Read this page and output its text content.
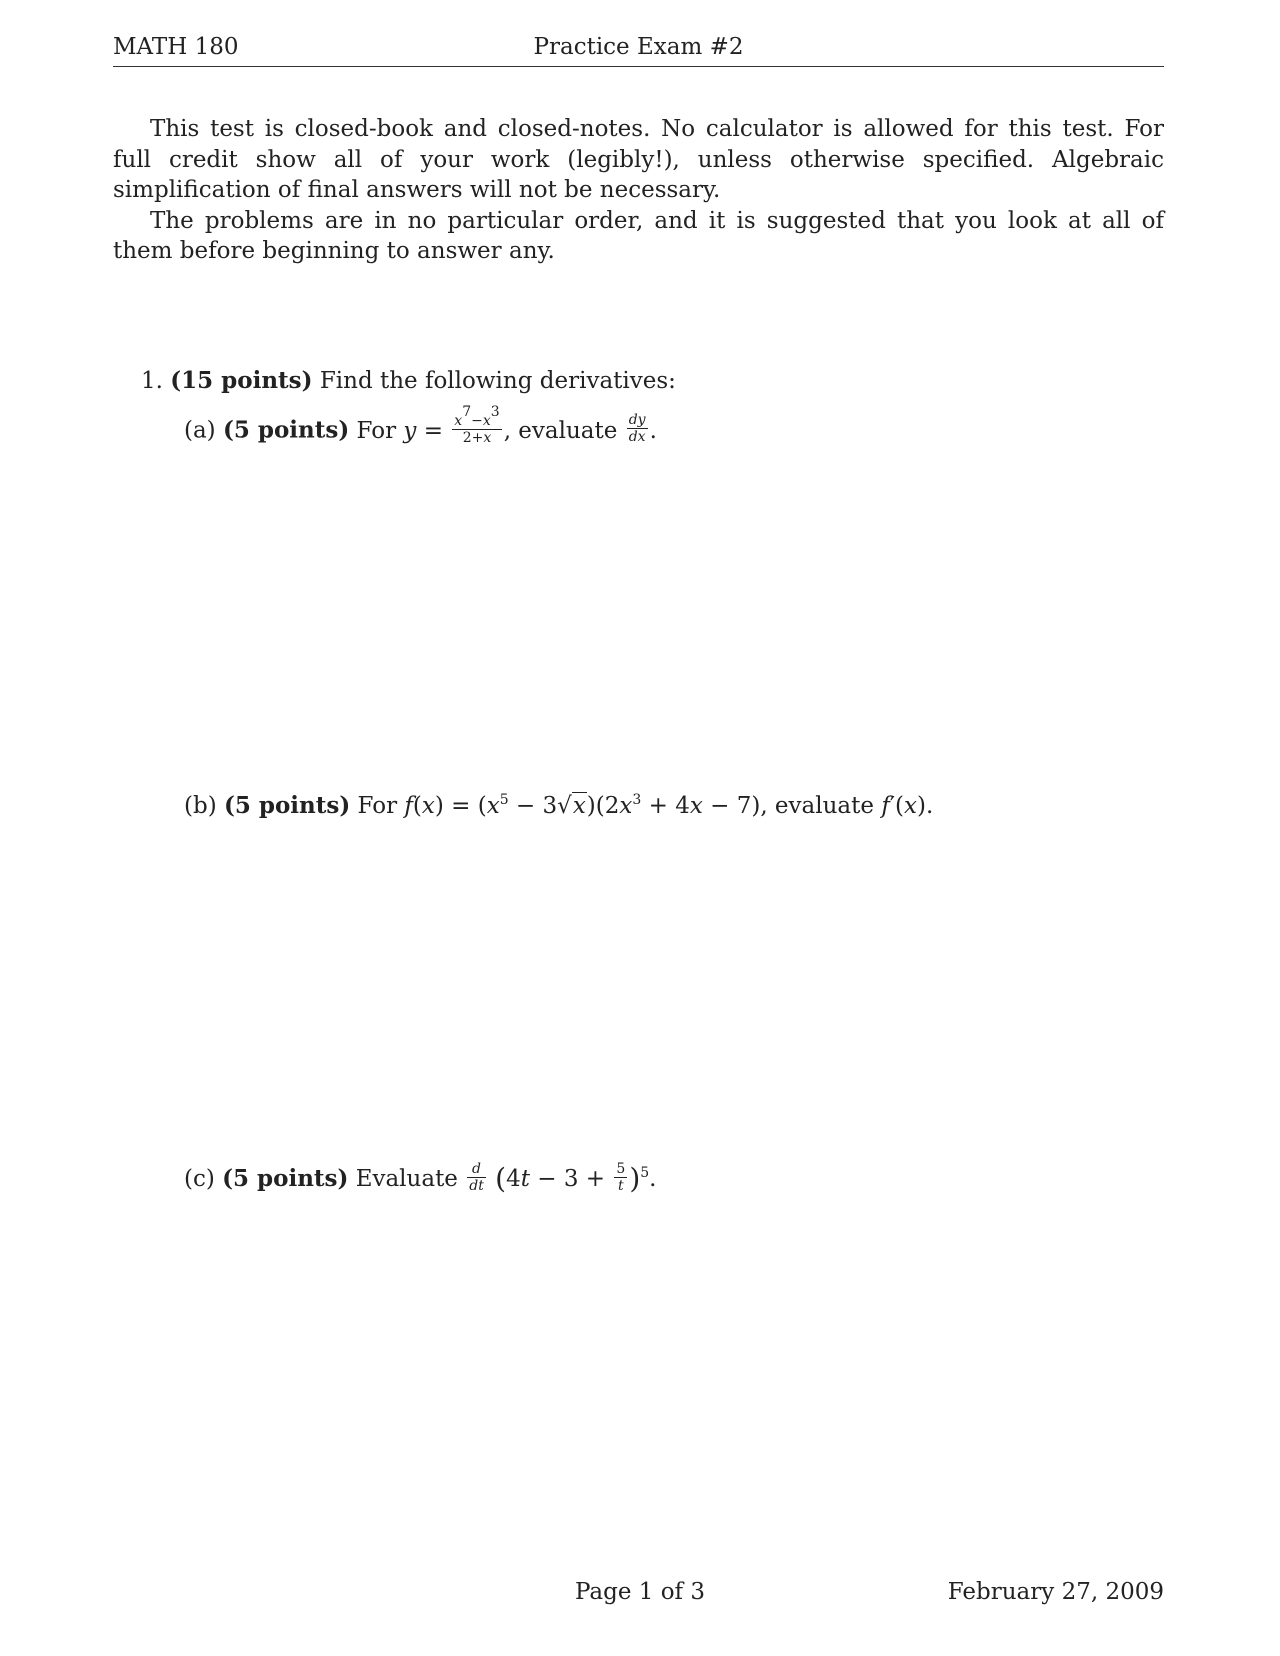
MATH 180	Practice Exam #2

This test is closed-book and closed-notes. No calculator is allowed for this test. For full credit show all of your work (legibly!), unless otherwise specified. Algebraic simplification of final answers will not be necessary.

The problems are in no particular order, and it is suggested that you look at all of them before beginning to answer any.

1. (15 points) Find the following derivatives:
(a) (5 points) For $y = \frac{x^7-x^3}{2+x}$ , evaluate $\frac{dy}{dx}$ .
(b) (5 points) For $f(x) = (x^5 - 3√x)(2x^3 + 4x - 7)$, evaluate f′(x).
(c) (5 points) Evaluate $\frac{d}{dt} (4t - 3 + \frac{5}{t} )^5$.
Page 1 of 3	February 27, 2009
